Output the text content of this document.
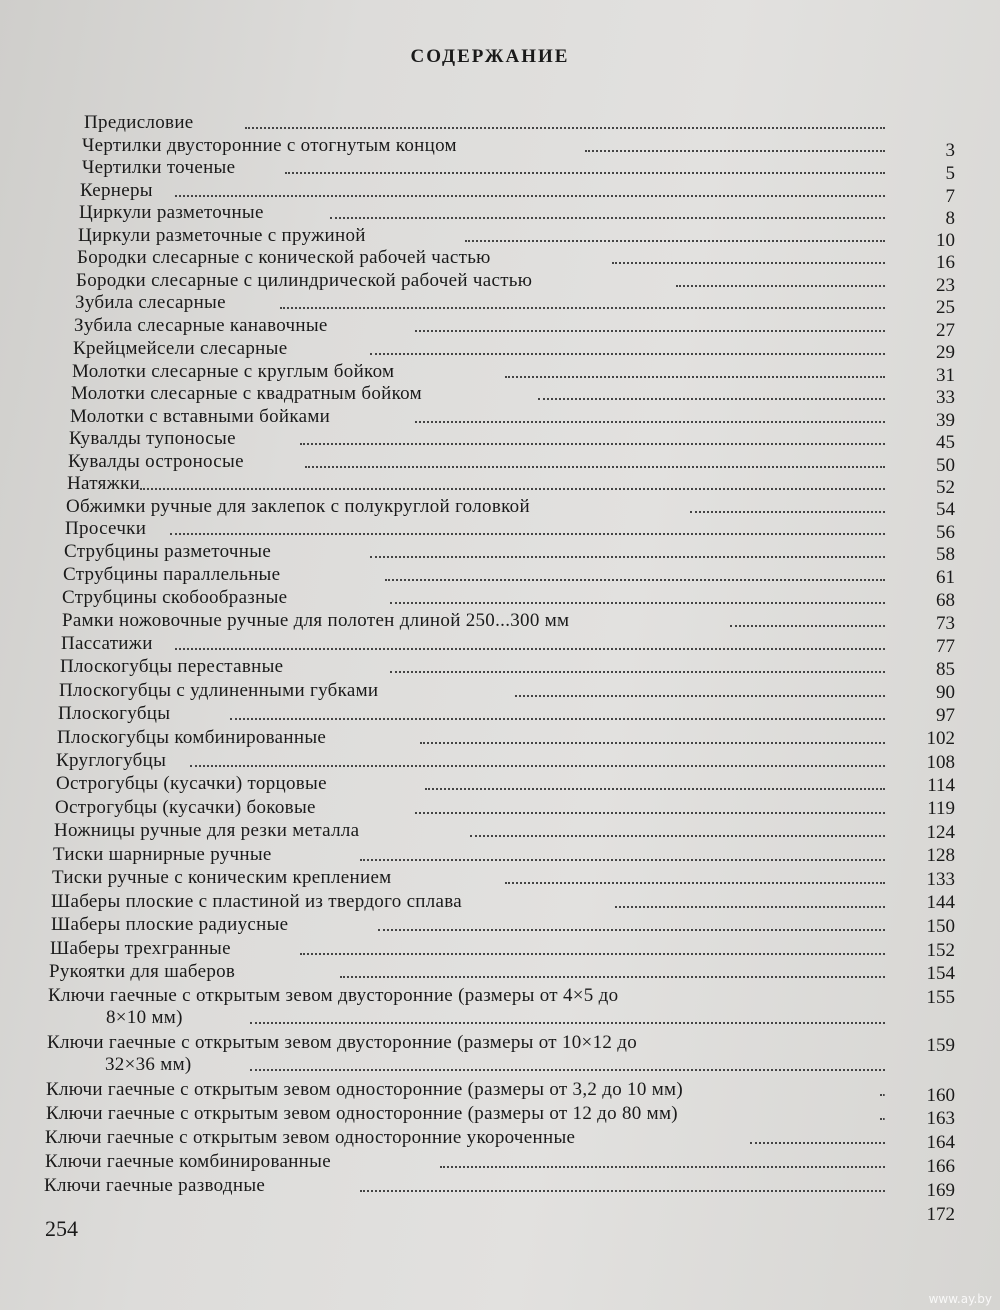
СОДЕРЖАНИЕ
Предисловие
Чертилки двусторонние с отогнутым концом
Чертилки точеные
Кернеры
Циркули разметочные
Циркули разметочные с пружиной
Бородки слесарные с конической рабочей частью
Бородки слесарные с цилиндрической рабочей частью
Зубила слесарные
Зубила слесарные канавочные
Крейцмейсели слесарные
Молотки слесарные с круглым бойком
Молотки слесарные с квадратным бойком
Молотки с вставными бойками
Кувалды тупоносые
Кувалды остроносые
Натяжки
Обжимки ручные для заклепок с полукруглой головкой
Просечки
Струбцины разметочные
Струбцины параллельные
Струбцины скобообразные
Рамки ножовочные ручные для полотен длиной 250...300 мм
Пассатижи
Плоскогубцы переставные
Плоскогубцы с удлиненными губками
Плоскогубцы
Плоскогубцы комбинированные
Круглогубцы
Острогубцы (кусачки) торцовые
Острогубцы (кусачки) боковые
Ножницы ручные для резки металла
Тиски шарнирные ручные
Тиски ручные с коническим креплением
Шаберы плоские с пластиной из твердого сплава
Шаберы плоские радиусные
Шаберы трехгранные
Рукоятки для шаберов
Ключи гаечные с открытым зевом двусторонние (размеры от 4×5 до
8×10 мм)
Ключи гаечные с открытым зевом двусторонние (размеры от 10×12 до
32×36 мм)
Ключи гаечные с открытым зевом односторонние (размеры от 3,2 до 10 мм)
Ключи гаечные с открытым зевом односторонние (размеры от 12 до 80 мм)
Ключи гаечные с открытым зевом односторонние укороченные
Ключи гаечные комбинированные
Ключи гаечные разводные
3
5
7
8
10
16
23
25
27
29
31
33
39
45
50
52
54
56
58
61
68
73
77
85
90
97
102
108
114
119
124
128
133
144
150
152
154
155
159
160
163
164
166
169
172
254
www.ay.by
